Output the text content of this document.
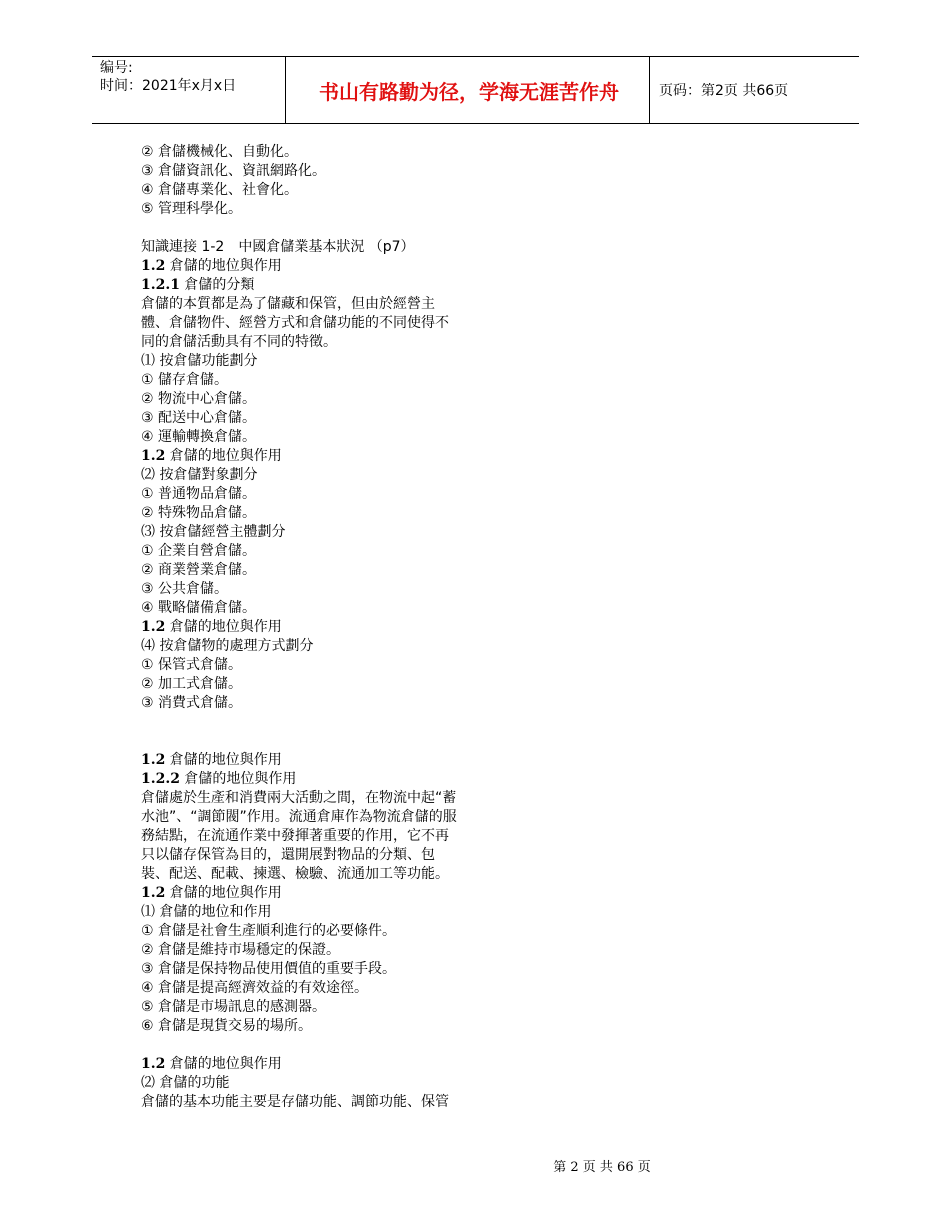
编号:
时间：2021年x月x日	书山有路勤为径，学海无涯苦作舟	页码：第2页 共66页
② 倉儲機械化、自動化。
③ 倉儲資訊化、資訊網路化。
④ 倉儲專業化、社會化。
⑤ 管理科學化。
知識連接 1-2　中國倉儲業基本狀況 （p7）
1.2 倉儲的地位與作用
1.2.1 倉儲的分類
倉儲的本質都是為了儲藏和保管，但由於經營主
體、倉儲物件、經營方式和倉儲功能的不同使得不
同的倉儲活動具有不同的特徵。
⑴ 按倉儲功能劃分
① 儲存倉儲。
② 物流中心倉儲。
③ 配送中心倉儲。
④ 運輸轉換倉儲。
1.2 倉儲的地位與作用
⑵ 按倉儲對象劃分
① 普通物品倉儲。
② 特殊物品倉儲。
⑶ 按倉儲經營主體劃分
① 企業自營倉儲。
② 商業營業倉儲。
③ 公共倉儲。
④ 戰略儲備倉儲。
1.2 倉儲的地位與作用
⑷ 按倉儲物的處理方式劃分
① 保管式倉儲。
② 加工式倉儲。
③ 消費式倉儲。
1.2 倉儲的地位與作用
1.2.2 倉儲的地位與作用
倉儲處於生產和消費兩大活動之間，在物流中起“蓄
水池”、“調節閥”作用。流通倉庫作為物流倉儲的服
務結點，在流通作業中發揮著重要的作用，它不再
只以儲存保管為目的，還開展對物品的分類、包
裝、配送、配載、揀選、檢驗、流通加工等功能。
1.2 倉儲的地位與作用
⑴ 倉儲的地位和作用
① 倉儲是社會生產順利進行的必要條件。
② 倉儲是維持市場穩定的保證。
③ 倉儲是保持物品使用價值的重要手段。
④ 倉儲是提高經濟效益的有效途徑。
⑤ 倉儲是市場訊息的感測器。
⑥ 倉儲是現貨交易的場所。
1.2 倉儲的地位與作用
⑵ 倉儲的功能
倉儲的基本功能主要是存儲功能、調節功能、保管
第 2 页 共 66 页
